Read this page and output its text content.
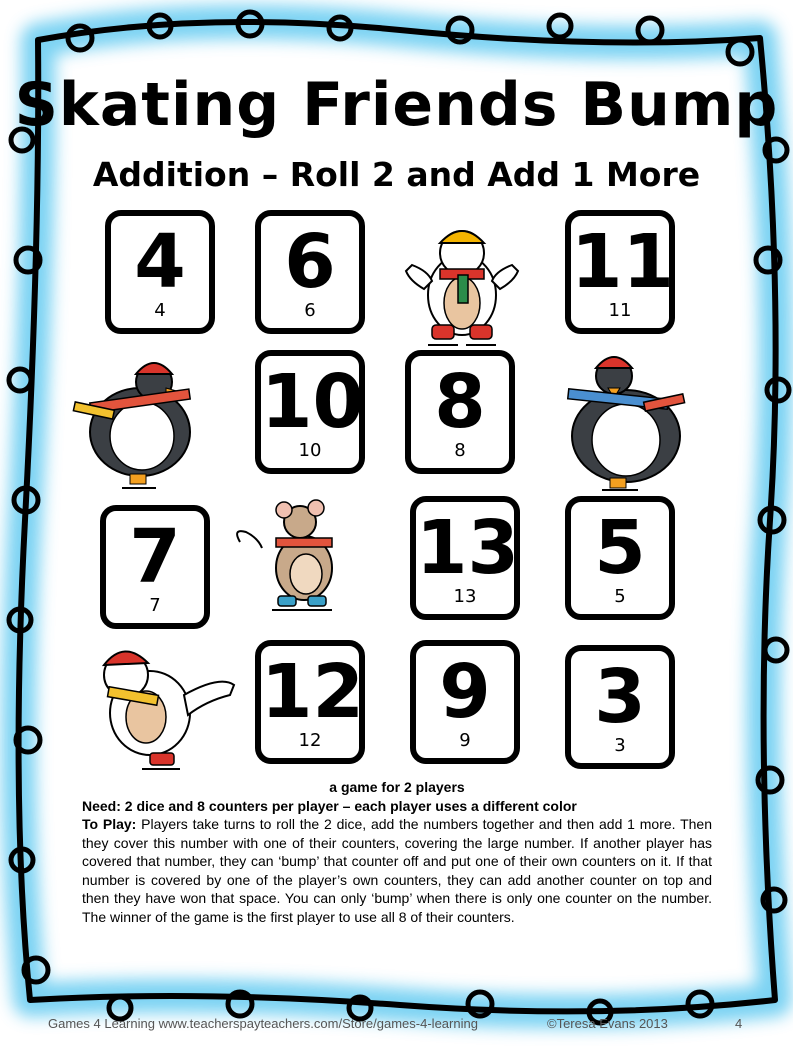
Skating Friends Bump
Addition – Roll 2 and Add 1 More
4
4
6
6
11
11
10
10
8
8
7
7
13
13
5
5
12
12
9
9
3
3
a game for 2 players
Need: 2 dice and 8 counters per player – each player uses a different color

To Play: Players take turns to roll the 2 dice, add the numbers together and then add 1 more. Then they cover this number with one of their counters, covering the large number. If another player has covered that number, they can ‘bump’ that counter off and put one of their own counters on it. If that number is covered by one of the player’s own counters, they can add another counter on top and then they have won that space. You can only ‘bump’ when there is only one counter on the number. The winner of the game is the first player to use all 8 of their counters.

Games 4 Learning www.teacherspayteachers.com/Store/games-4-learning	©Teresa Evans 2013	4
